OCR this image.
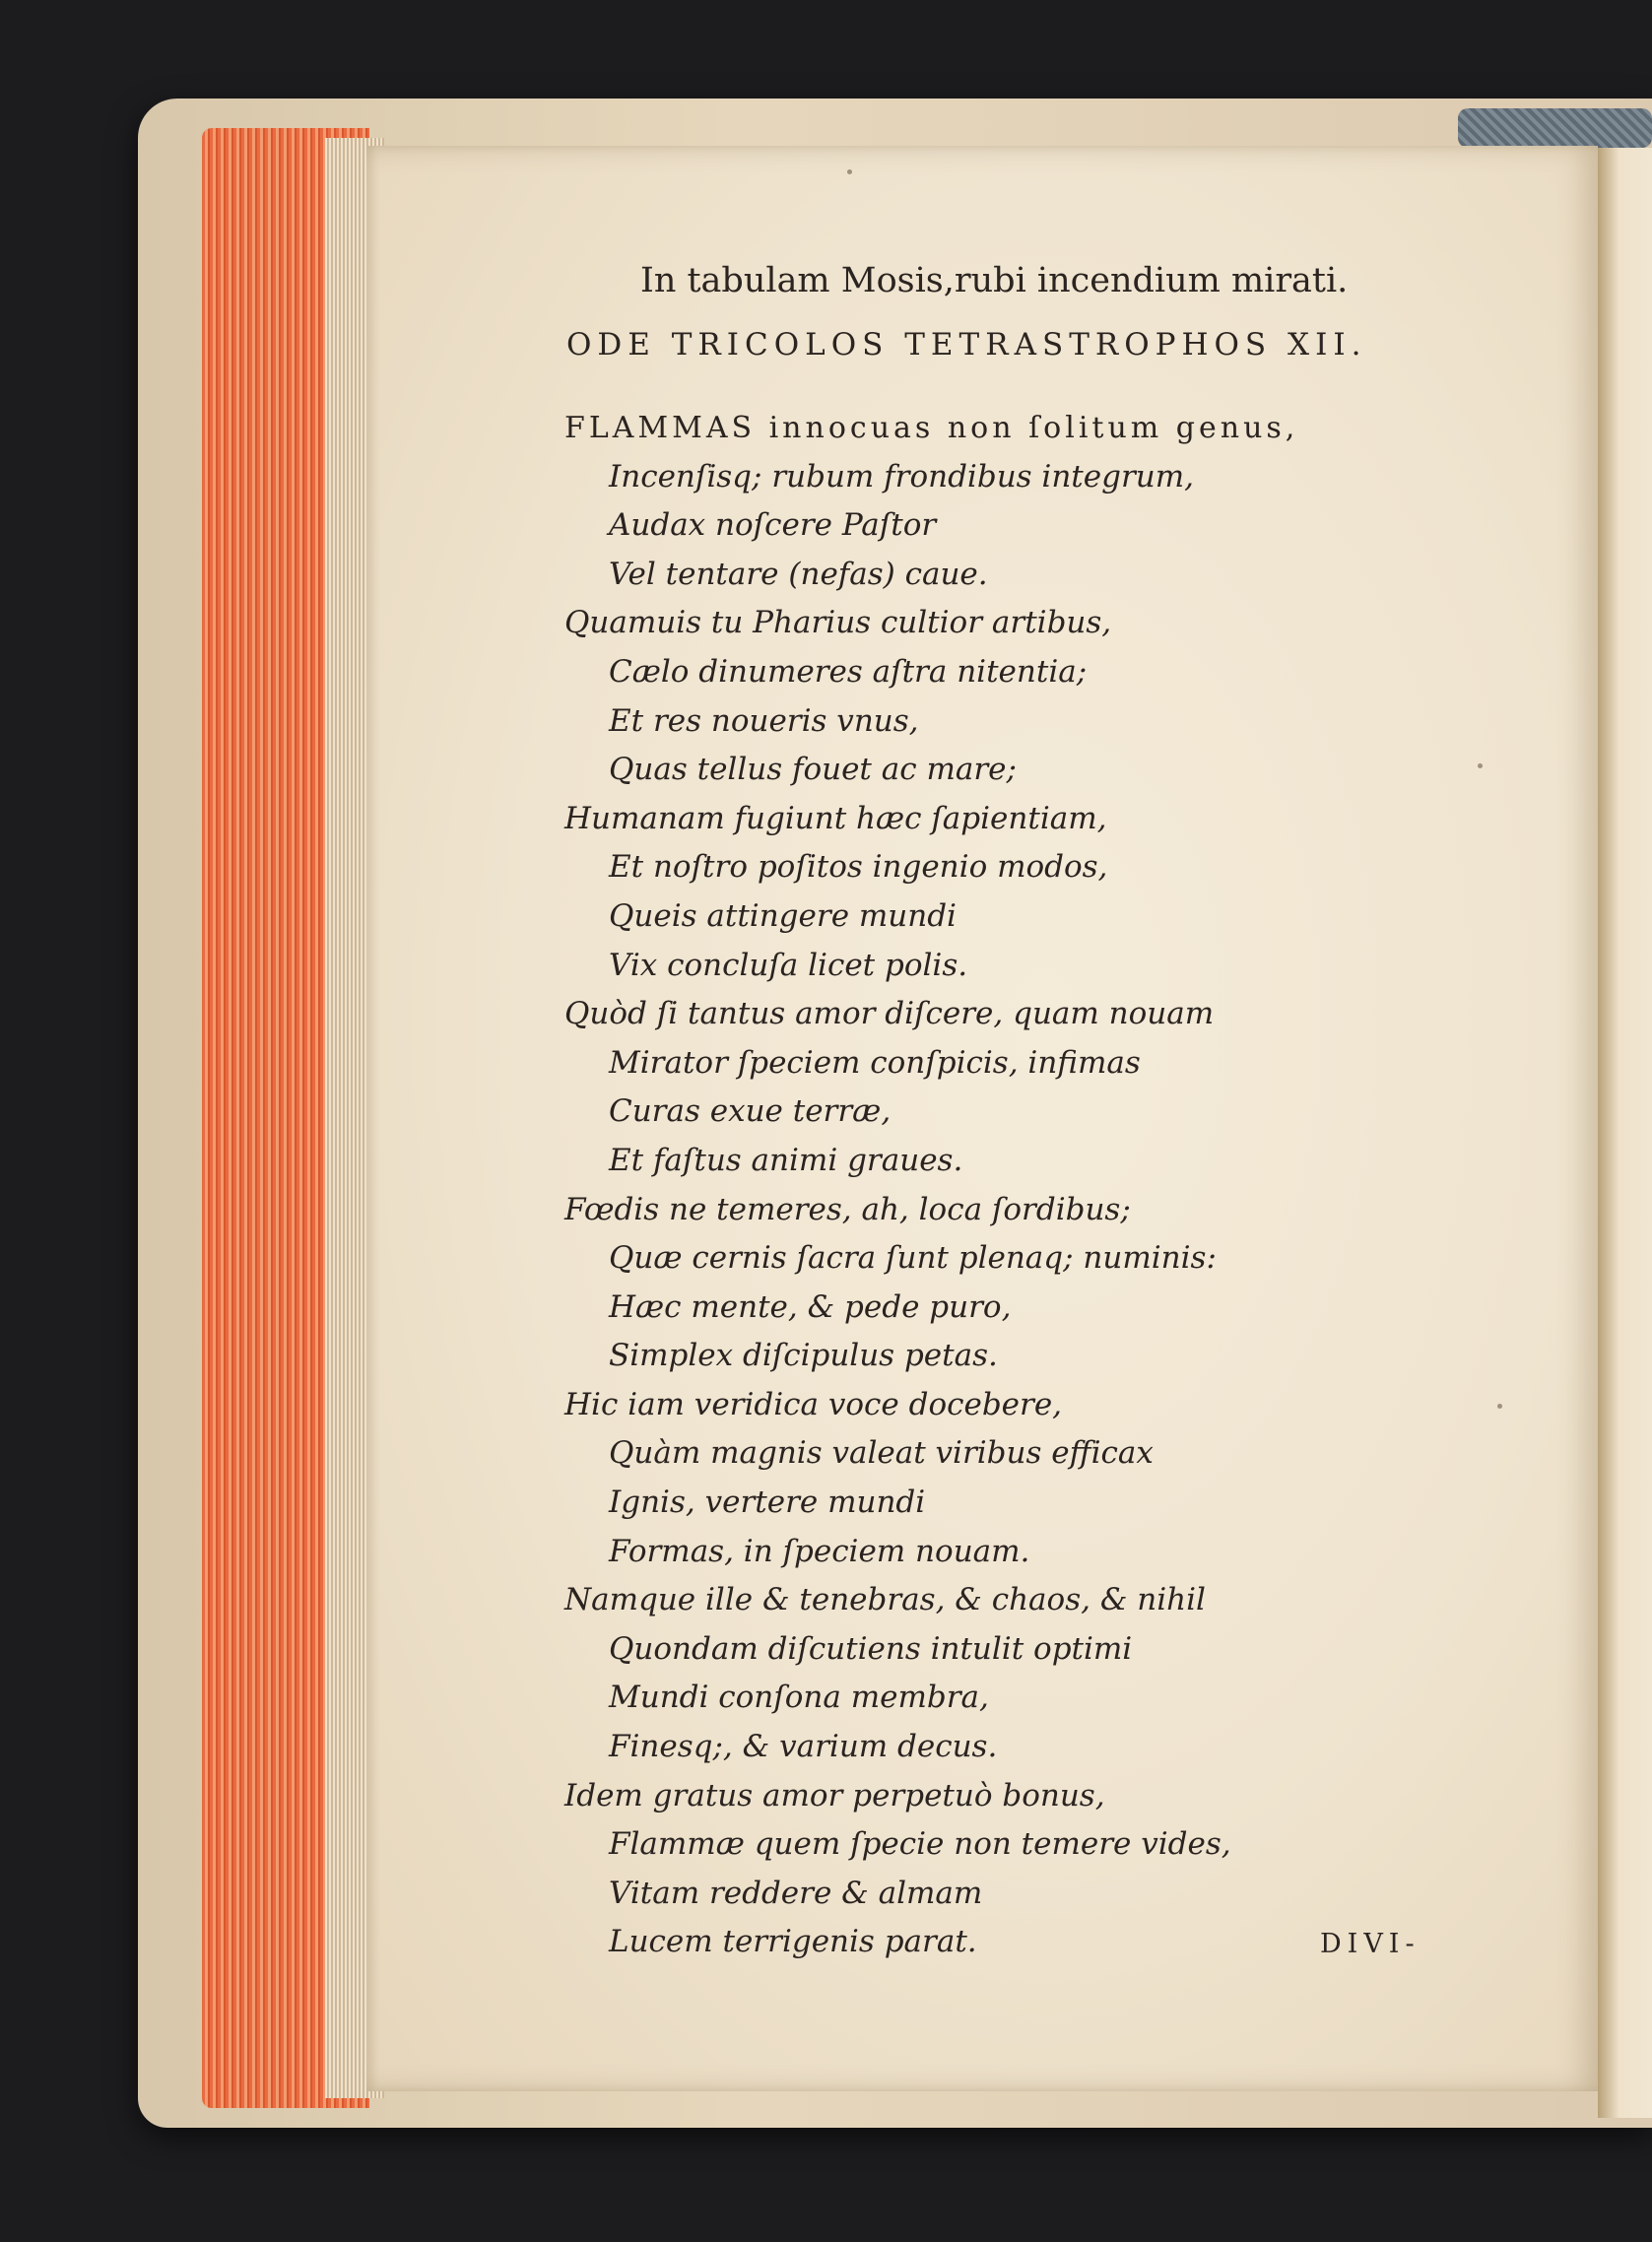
In tabulam Mosis,rubi incendium mirati.
ODE TRICOLOS TETRASTROPHOS XII.
FLAMMAS innocuas non ſolitum genus,
Incenſisq; rubum frondibus integrum,
Audax noſcere Paſtor
Vel tentare (nefas) caue.
Quamuis tu Pharius cultior artibus,
Cælo dinumeres aſtra nitentia;
Et res noueris vnus,
Quas tellus fouet ac mare;
Humanam fugiunt hæc ſapientiam,
Et noſtro poſitos ingenio modos,
Queis attingere mundi
Vix concluſa licet polis.
Quòd ſi tantus amor diſcere, quam nouam
Mirator ſpeciem conſpicis, infimas
Curas exue terræ,
Et faſtus animi graues.
Fœdis ne temeres, ah, loca ſordibus;
Quæ cernis ſacra ſunt plenaq; numinis:
Hæc mente, & pede puro,
Simplex diſcipulus petas.
Hic iam veridica voce docebere,
Quàm magnis valeat viribus efficax
Ignis, vertere mundi
Formas, in ſpeciem nouam.
Namque ille & tenebras, & chaos, & nihil
Quondam diſcutiens intulit optimi
Mundi conſona membra,
Finesq;, & varium decus.
Idem gratus amor perpetuò bonus,
Flammæ quem ſpecie non temere vides,
Vitam reddere & almam
Lucem terrigenis parat.	DIVI-
